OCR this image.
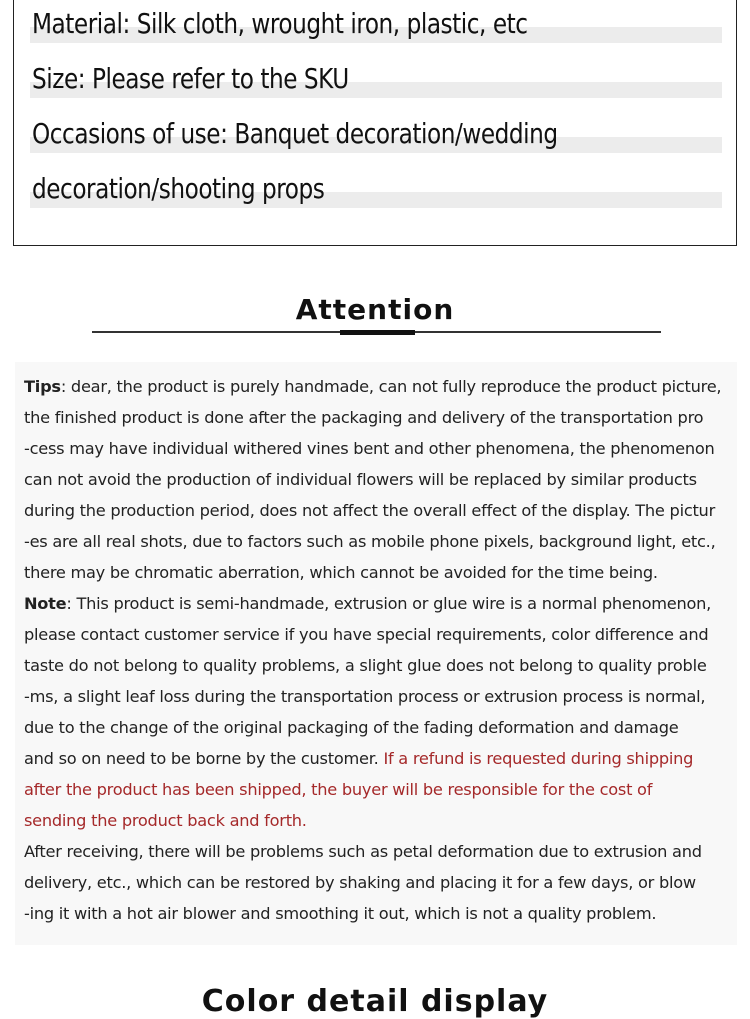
Material: Silk cloth, wrought iron, plastic, etc
Size: Please refer to the SKU
Occasions of use: Banquet decoration/wedding
decoration/shooting props
Attention
Tips: dear, the product is purely handmade, can not fully reproduce the product picture,
the finished product is done after the packaging and delivery of the transportation pro
-cess may have individual withered vines bent and other phenomena, the phenomenon
can not avoid the production of individual flowers will be replaced by similar products
during the production period, does not affect the overall effect of the display. The pictur
-es are all real shots, due to factors such as mobile phone pixels, background light, etc.,
there may be chromatic aberration, which cannot be avoided for the time being.
Note: This product is semi-handmade, extrusion or glue wire is a normal phenomenon,
please contact customer service if you have special requirements, color difference and
taste do not belong to quality problems, a slight glue does not belong to quality proble
-ms, a slight leaf loss during the transportation process or extrusion process is normal,
due to the change of the original packaging of the fading deformation and damage
and so on need to be borne by the customer. If a refund is requested during shipping
after the product has been shipped, the buyer will be responsible for the cost of
sending the product back and forth.
After receiving, there will be problems such as petal deformation due to extrusion and
delivery, etc., which can be restored by shaking and placing it for a few days, or blow
-ing it with a hot air blower and smoothing it out, which is not a quality problem.
Color detail display
